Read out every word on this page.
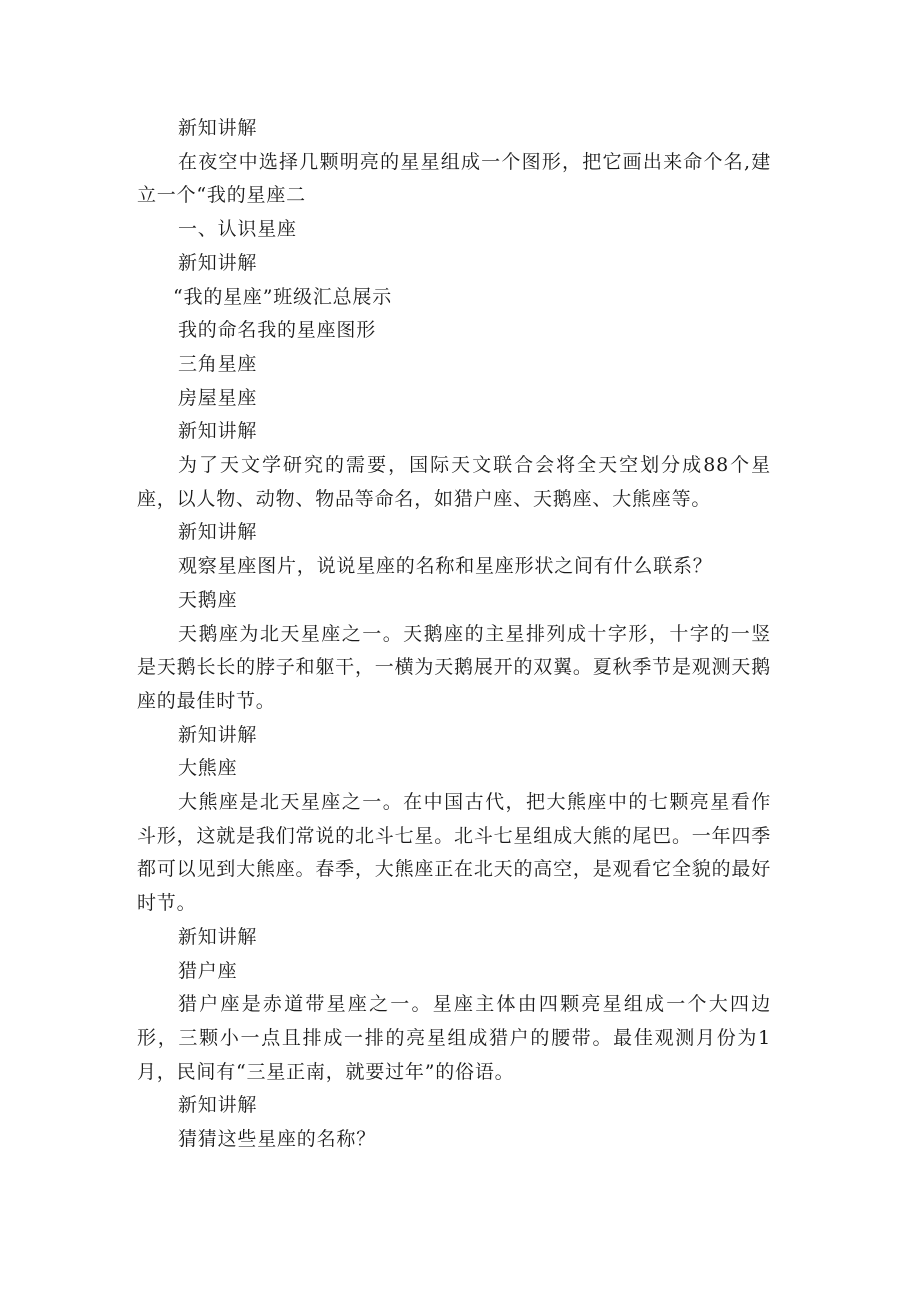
新知讲解

在夜空中选择几颗明亮的星星组成一个图形，把它画出来命个名,建立一个“我的星座二

一、认识星座

新知讲解

“我的星座”班级汇总展示

我的命名我的星座图形

三角星座

房屋星座

新知讲解

为了天文学研究的需要，国际天文联合会将全天空划分成88个星座，以人物、动物、物品等命名，如猎户座、天鹅座、大熊座等。

新知讲解

观察星座图片，说说星座的名称和星座形状之间有什么联系？

天鹅座

天鹅座为北天星座之一。天鹅座的主星排列成十字形，十字的一竖是天鹅长长的脖子和躯干，一横为天鹅展开的双翼。夏秋季节是观测天鹅座的最佳时节。

新知讲解

大熊座

大熊座是北天星座之一。在中国古代，把大熊座中的七颗亮星看作斗形，这就是我们常说的北斗七星。北斗七星组成大熊的尾巴。一年四季都可以见到大熊座。春季，大熊座正在北天的高空，是观看它全貌的最好时节。

新知讲解

猎户座

猎户座是赤道带星座之一。星座主体由四颗亮星组成一个大四边形，三颗小一点且排成一排的亮星组成猎户的腰带。最佳观测月份为1月，民间有“三星正南，就要过年”的俗语。

新知讲解

猜猜这些星座的名称？
